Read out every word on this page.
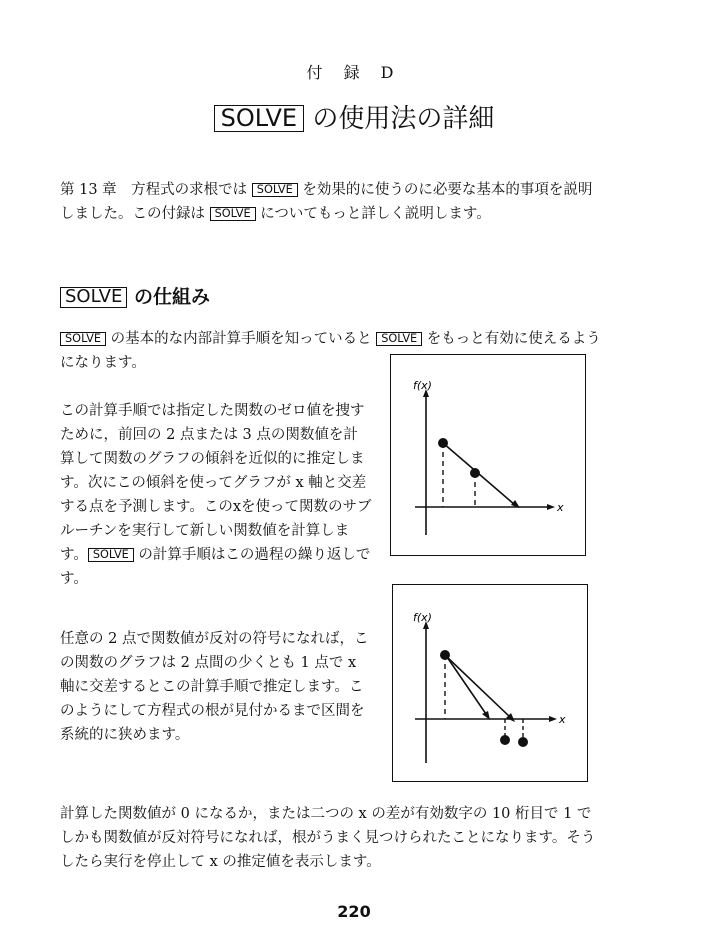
付 録 D
SOLVE の使用法の詳細
第 13 章　方程式の求根では SOLVE を効果的に使うのに必要な基本的事項を説明しました。この付録は SOLVE についてもっと詳しく説明します。
SOLVE の仕組み
SOLVE の基本的な内部計算手順を知っていると SOLVE をもっと有効に使えるようになります。
この計算手順では指定した関数のゼロ値を捜すために，前回の 2 点または 3 点の関数値を計算して関数のグラフの傾斜を近似的に推定します。次にこの傾斜を使ってグラフが x 軸と交差する点を予測します。このxを使って関数のサブルーチンを実行して新しい関数値を計算します。 SOLVE の計算手順はこの過程の繰り返しです。
任意の 2 点で関数値が反対の符号になれば，この関数のグラフは 2 点間の少くとも 1 点で x 軸に交差するとこの計算手順で推定します。このようにして方程式の根が見付かるまで区間を系統的に狭めます。
計算した関数値が 0 になるか，または二つの x の差が有効数字の 10 桁目で 1 でしかも関数値が反対符号になれば，根がうまく見つけられたことになります。そうしたら実行を停止して x の推定値を表示します。
f(x)
x
f(x)
x
220
